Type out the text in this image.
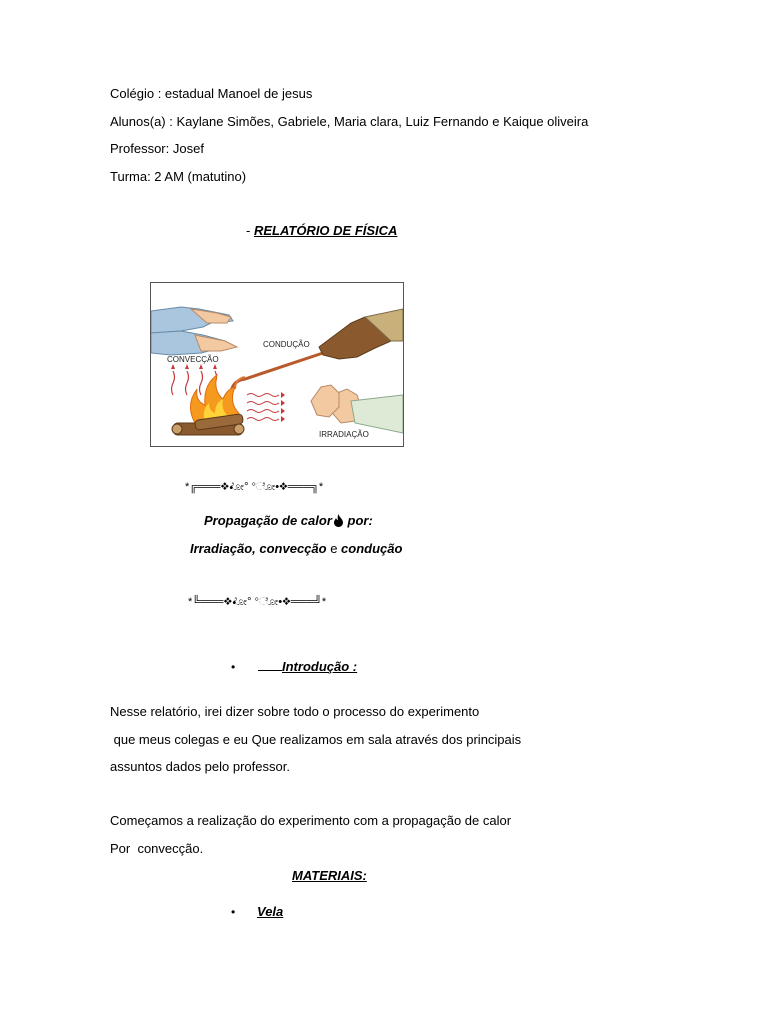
Colégio : estadual Manoel de jesus
Alunos(a) : Kaylane Simões, Gabriele, Maria clara, Luiz Fernando e Kaique oliveira
Professor: Josef
Turma: 2 AM (matutino)
- RELATÓRIO DE FÍSICA
CONVECÇÃO
CONDUÇÃO
IRRADIAÇÃO
*╔═══❖•ೋ° °ೋ•❖═══╗*
Propagação de calor por:
Irradiação, convecção e condução
*╚═══❖•ೋ° °ೋ•❖═══╝*
•	Introdução :
Nesse relatório, irei dizer sobre todo o processo do experimento
que meus colegas e eu Que realizamos em sala através dos principais
assuntos dados pelo professor.
Começamos a realização do experimento com a propagação de calor
Por  convecção.
MATERIAIS:
• Vela
